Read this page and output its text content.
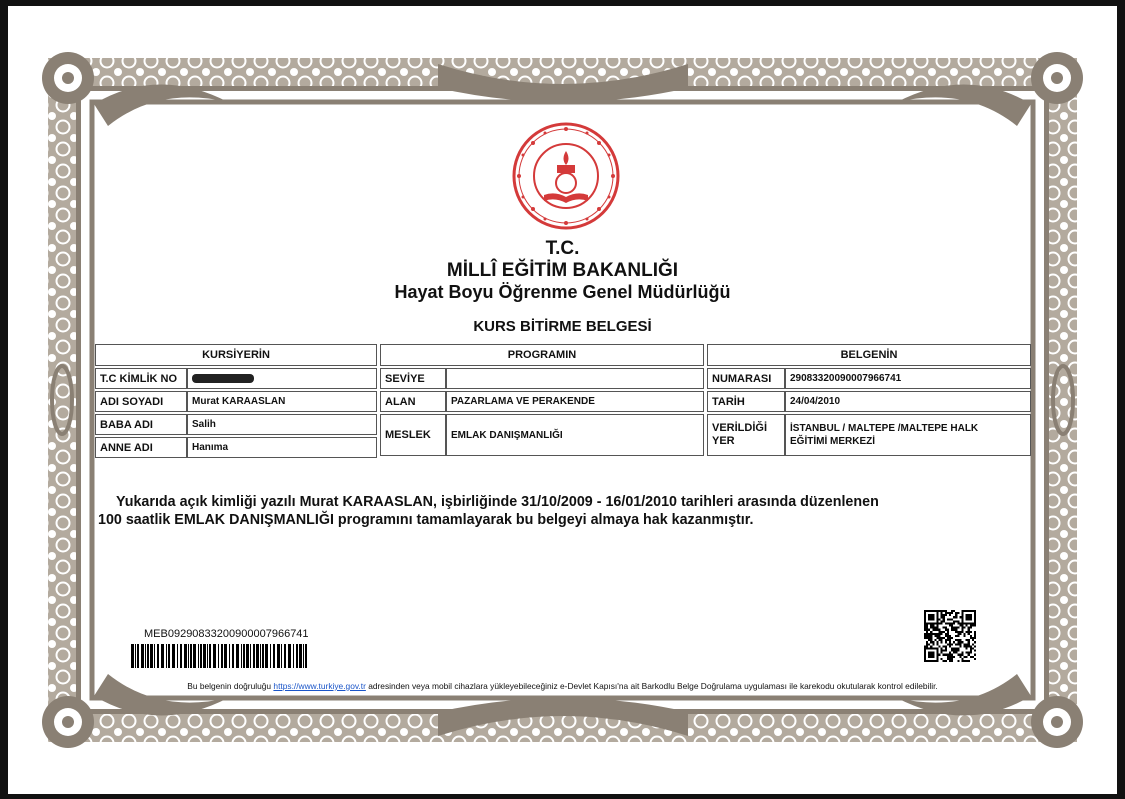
T.C.
MİLLÎ EĞİTİM BAKANLIĞI
Hayat Boyu Öğrenme Genel Müdürlüğü
KURS BİTİRME BELGESİ
KURSİYERİN	
T.C KİMLİK NO	
ADI SOYADI	Murat KARAASLAN
BABA ADI	Salih
ANNE ADI	Hanıma
PROGRAMIN	
SEVİYE	
ALAN	PAZARLAMA VE PERAKENDE
MESLEK	EMLAK DANIŞMANLIĞI
BELGENİN	
NUMARASI	29083320090007966741
TARİH	24/04/2010
VERİLDİĞİ
YER	İSTANBUL / MALTEPE /MALTEPE HALK
EĞİTİMİ MERKEZİ
Yukarıda açık kimliği yazılı Murat KARAASLAN, işbirliğinde 31/10/2009 - 16/01/2010 tarihleri arasında düzenlenen
100 saatlik EMLAK DANIŞMANLIĞI programını tamamlayarak bu belgeyi almaya hak kazanmıştır.
MEB09290833200900007966741
Bu belgenin doğruluğu https://www.turkiye.gov.tr adresinden veya mobil cihazlara yükleyebileceğiniz e-Devlet Kapısı'na ait Barkodlu Belge Doğrulama uygulaması ile karekodu okutularak kontrol edilebilir.
